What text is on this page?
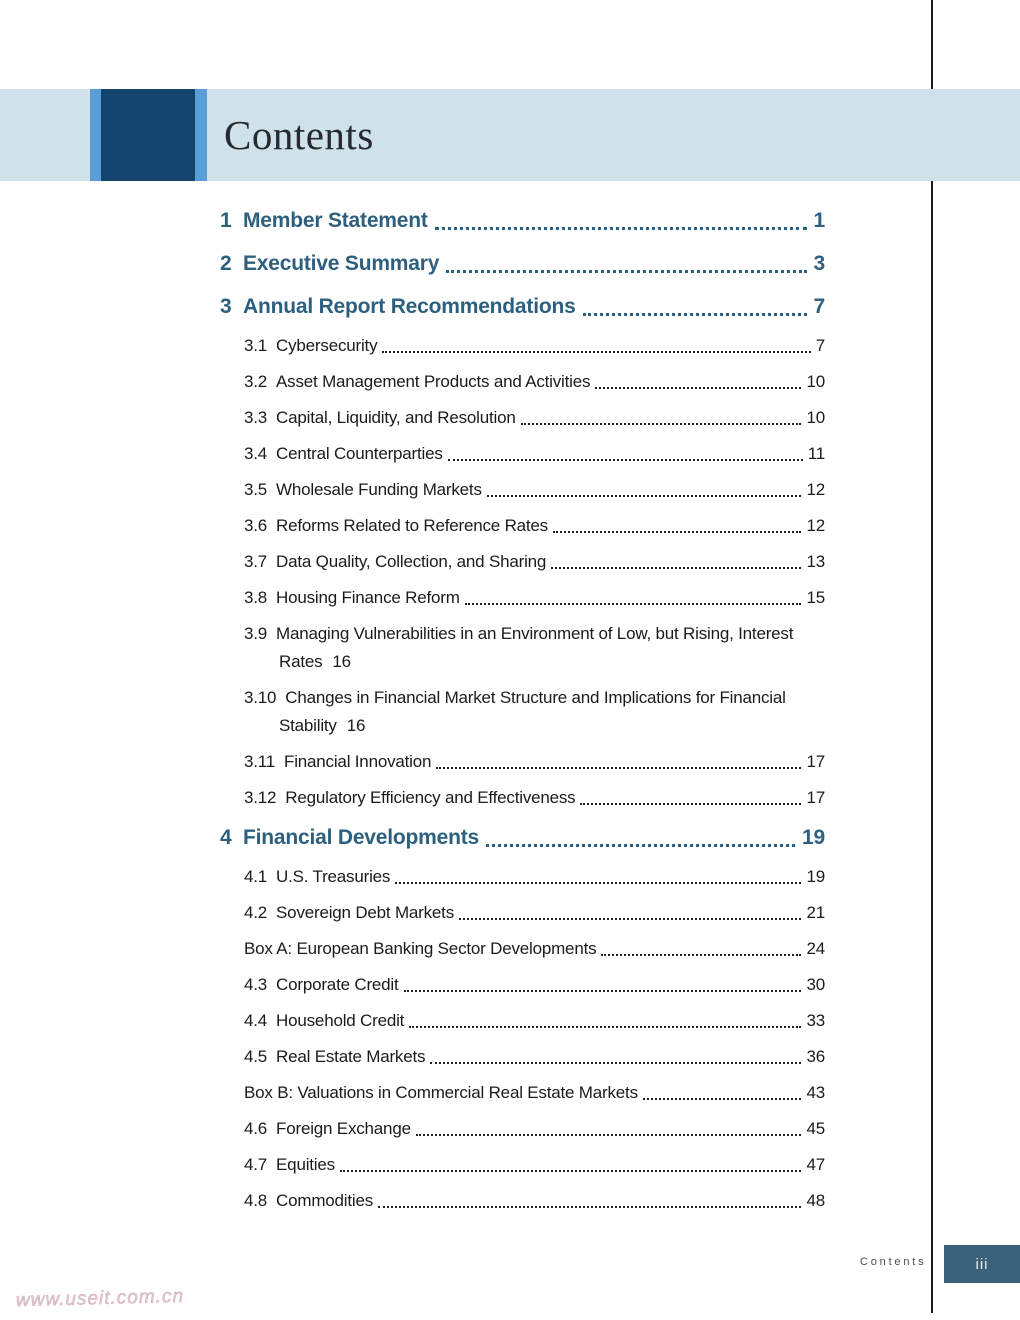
Contents
1 Member Statement	1
2 Executive Summary	3
3 Annual Report Recommendations	7
3.1 Cybersecurity	7
3.2 Asset Management Products and Activities	10
3.3 Capital, Liquidity, and Resolution	10
3.4 Central Counterparties	11
3.5 Wholesale Funding Markets	12
3.6 Reforms Related to Reference Rates	12
3.7 Data Quality, Collection, and Sharing	13
3.8 Housing Finance Reform	15
3.9 Managing Vulnerabilities in an Environment of Low, but Rising, Interest
Rates 16
3.10 Changes in Financial Market Structure and Implications for Financial
Stability 16
3.11 Financial Innovation	17
3.12 Regulatory Efficiency and Effectiveness	17
4 Financial Developments	19
4.1 U.S. Treasuries	19
4.2 Sovereign Debt Markets	21
Box A: European Banking Sector Developments	24
4.3 Corporate Credit	30
4.4 Household Credit	33
4.5 Real Estate Markets	36
Box B: Valuations in Commercial Real Estate Markets	43
4.6 Foreign Exchange	45
4.7 Equities	47
4.8 Commodities	48
Contents	iii
www.useit.com.cn
